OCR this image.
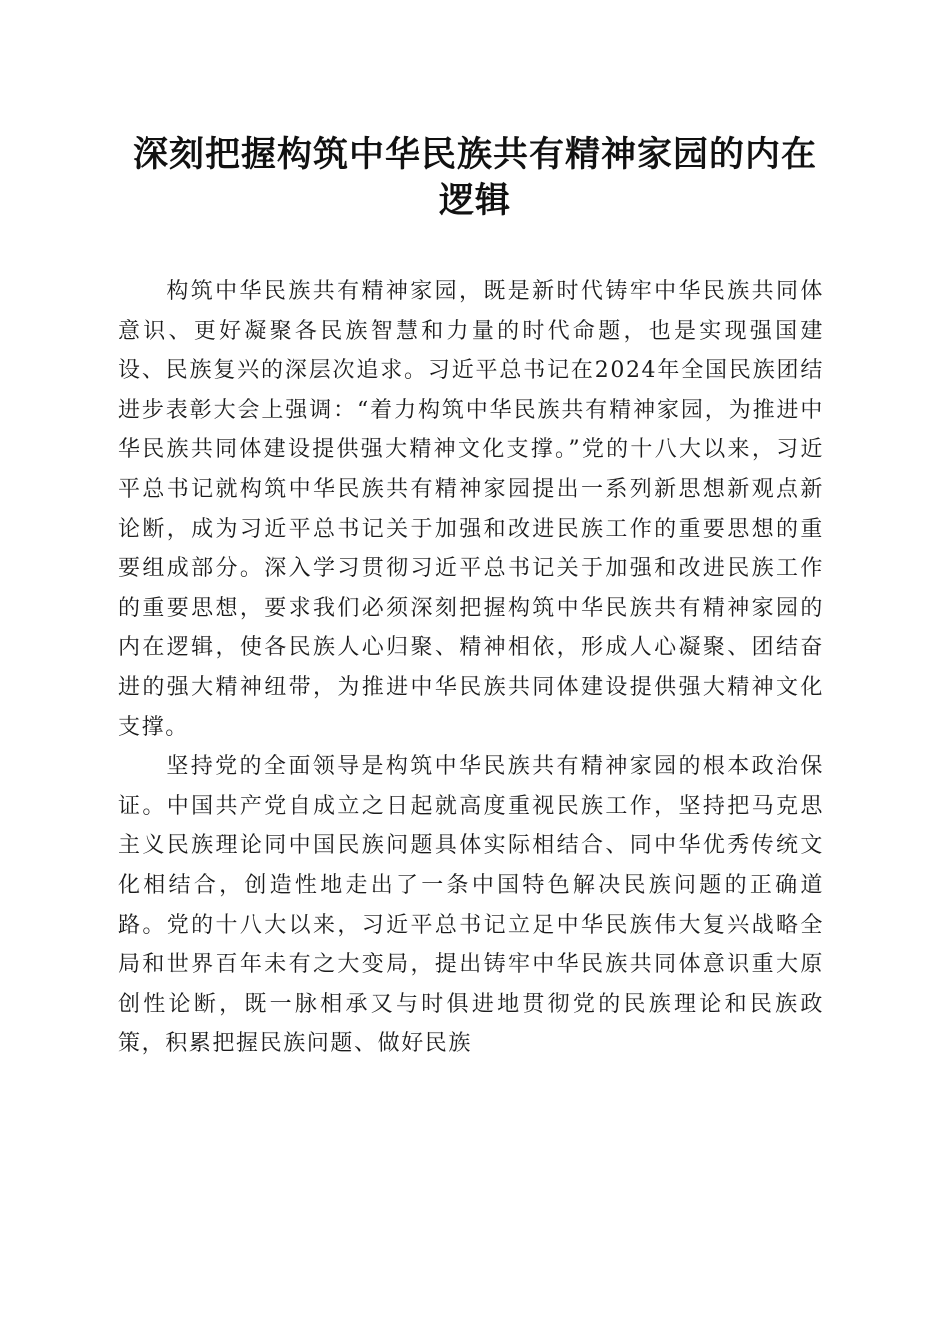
深刻把握构筑中华民族共有精神家园的内在逻辑

构筑中华民族共有精神家园，既是新时代铸牢中华民族共同体意识、更好凝聚各民族智慧和力量的时代命题，也是实现强国建设、民族复兴的深层次追求。习近平总书记在2024年全国民族团结进步表彰大会上强调：“着力构筑中华民族共有精神家园，为推进中华民族共同体建设提供强大精神文化支撑。”党的十八大以来，习近平总书记就构筑中华民族共有精神家园提出一系列新思想新观点新论断，成为习近平总书记关于加强和改进民族工作的重要思想的重要组成部分。深入学习贯彻习近平总书记关于加强和改进民族工作的重要思想，要求我们必须深刻把握构筑中华民族共有精神家园的内在逻辑，使各民族人心归聚、精神相依，形成人心凝聚、团结奋进的强大精神纽带，为推进中华民族共同体建设提供强大精神文化支撑。

坚持党的全面领导是构筑中华民族共有精神家园的根本政治保证。中国共产党自成立之日起就高度重视民族工作，坚持把马克思主义民族理论同中国民族问题具体实际相结合、同中华优秀传统文化相结合，创造性地走出了一条中国特色解决民族问题的正确道路。党的十八大以来，习近平总书记立足中华民族伟大复兴战略全局和世界百年未有之大变局，提出铸牢中华民族共同体意识重大原创性论断，既一脉相承又与时俱进地贯彻党的民族理论和民族政策，积累把握民族问题、做好民族
